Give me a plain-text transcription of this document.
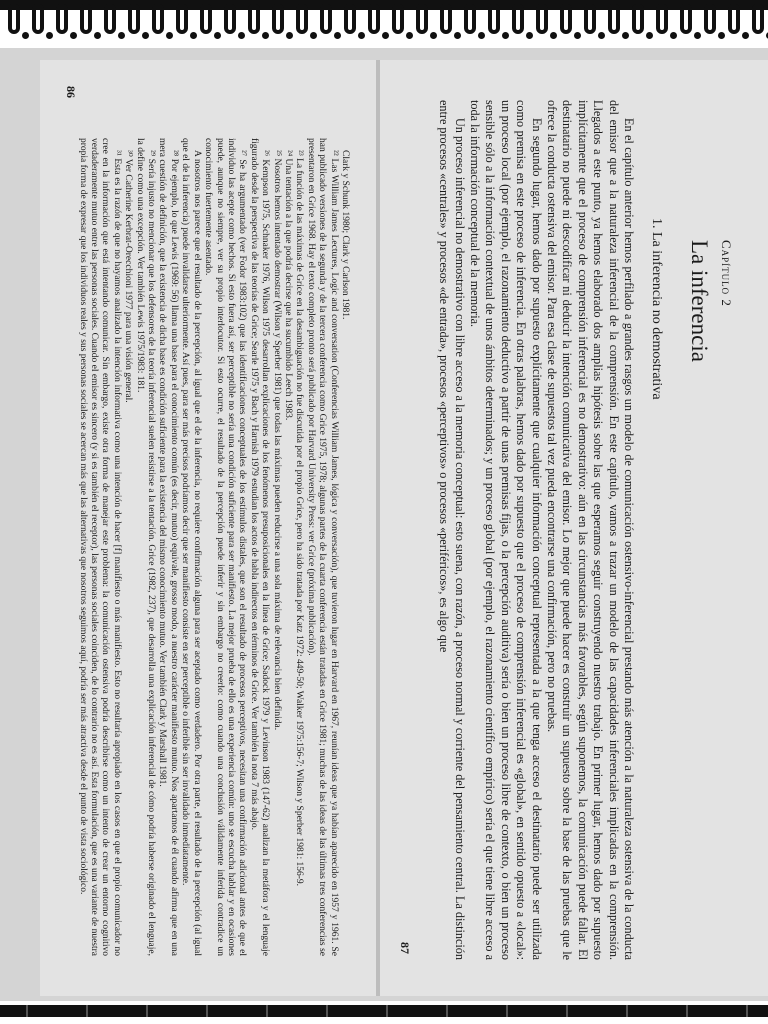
Clark y Schunk 1980; Clark y Carlson 1981.

²² Las William James Lectures, Logic and conversation (Conferencias William James, lógica y conversación), que tuvieron lugar en Harvard en 1967, reunían ideas que ya habían aparecido en 1957 y 1961. Se han publicado versiones de la segunda y de la tercera conferencia como Grice 1975, 1978; algunas partes de la cuarta conferencia están tratadas en Grice 1981; muchas de las ideas de las últimas tres conferencias se presentaron en Grice 1968. Hay el texto completo pronto será publicado por Harvard University Press: ver Grice (próxima publicación).

²³ La función de las máximas de Grice en la desambiguación no fue discutida por el propio Grice, pero ha sido tratada por Katz 1972: 449-50; Walker 1975:156-7; Wilson y Sperber 1981: 156-9.

²⁴ Una tentación a la que podría decirse que ha sucumbido Leech 1983.

²⁵ Nosotros hemos intentado demostrar (Wilson y Sperber 1981) que todas las máximas pueden reducirse a una sola máxima de relevancia bien definida.

²⁶ Kempson 1975, Schnaker 1976, Wilson 1975 desarrollan explicaciones de los fenómenos presuposicionales en la línea de Grice; Sadock 1979 y Levinson 1983 (147-62) analizan la metáfora y el lenguaje figurado desde la perspectiva de las teorías de Grice; Searle 1975 y Bach y Harnish 1979 estudian los actos de habla indirectos en términos de Grice. Ver también la nota 7 más abajo.

²⁷ Se ha argumentado (ver Fodor 1983:102) que las identificaciones conceptuales de los estímulos distales, que son el resultado de procesos perceptivos, necesitan una confirmación adicional antes de que el individuo las acepte como hechos. Si esto fuera así, ser perceptible no sería una condición suficiente para ser manifiesto. La mejor prueba de ello es una experiencia común: uno se escucha hablar y en ocasiones puede, aunque no siempre, ver su propio interlocutor. Si esto ocurre, el resultado de la percepción puede inferir y sin embargo no creerlo: como cuando una conclusión válidamente inferida contradice un conocimiento fuertemente asentado.

A nosotros nos parece que el resultado de la percepción, al igual que el de la inferencia, no requiere confirmación alguna para ser aceptado como verdadero. Por otra parte, el resultado de la percepción (al igual que el de la inferencia) puede invalidarse ulteriormente. Así pues, para ser más precisos podríamos decir que ser manifiesto consiste en ser perceptible o inferible sin ser invalidado inmediatamente.

²⁸ Por ejemplo, lo que Lewis (1969: 56) llama una base para el conocimiento común (es decir, mutuo) equivale, grosso modo, a nuestro carácter manifiesto mutuo. Nos apartamos de él cuando afirma que en una mera cuestión de definición, que la existencia de dicha base es condición suficiente para la existencia del mismo conocimiento mutuo. Ver también Clark y Marshall 1981.

²⁹ Sería injusto no mencionar que los defensores de la teoría inferencial suelen resistirse a la tentación. Grice (1982, 237), que desarrolla una explicación inferencial de cómo podría haberse originado el lenguaje, la define como una excepción. Ver también Lewis 1975/1983: 181.

³⁰ Ver Catherine Kerbrat-Orecchioni 1977 para una visión general.

³¹ Esta es la razón de que no hayamos analizado la intención informativa como una intención de hacer [f] manifiesto o más manifiesto. Esto no resultaría apropiado en los casos en que el propio comunicador no cree en la información que está intentando comunicar. Sin embargo, existe otra forma de manejar este problema: la comunicación ostensiva podría describirse como un intento de crear un entorno cognitivo verdaderamente mutuo entre las personas sociales. Cuando el emisor es sincero (y si es también el receptor), las personas sociales coinciden, de lo contrario no es así. Esta formulación, que es una variante de nuestra propia forma de expresar que los individuos reales y sus personas sociales se acercan más que las alternativas que nosotros seguimos aquí, podría ser más atractiva desde el punto de vista sociológico.

86
Capítulo 2
La inferencia
1. La inferencia no demostrativa

En el capítulo anterior hemos perfilado a grandes rasgos un modelo de comunicación ostensivo-inferencial prestando más atención a la naturaleza ostensiva de la conducta del emisor que a la naturaleza inferencial de la comprensión. En este capítulo, vamos a trazar un modelo de las capacidades inferenciales implicadas en la comprensión. Llegados a este punto, ya hemos elaborado dos amplias hipótesis sobre las que esperamos seguir construyendo nuestro trabajo. En primer lugar, hemos dado por supuesto implícitamente que el proceso de comprensión inferencial es no demostrativo: aún en las circunstancias más favorables, según suponemos, la comunicación puede fallar. El destinatario no puede ni descodificar ni deducir la intención comunicativa del emisor. Lo mejor que puede hacer es construir un supuesto sobre la base de las pruebas que le ofrece la conducta ostensiva del emisor. Para esa clase de supuestos tal vez pueda encontrarse una confirmación, pero no pruebas.

En segundo lugar, hemos dado por supuesto explícitamente que cualquier información conceptual representada a la que tenga acceso el destinatario puede ser utilizada como premisa en este proceso de inferencia. En otras palabras, hemos dado por supuesto que el proceso de comprensión inferencial es «global», en sentido opuesto a «local»: un proceso local (por ejemplo, el razonamiento deductivo a partir de unas premisas fijas, o la percepción auditiva) sería o bien un proceso libre de contexto, o bien un proceso sensible sólo a la información contextual de unos ámbitos determinados; y un proceso global (por ejemplo, el razonamiento científico empírico) sería el que tiene libre acceso a toda la información conceptual de la memoria.

Un proceso inferencial no demostrativo con libre acceso a la memoria conceptual: esto suena, con razón, a proceso normal y corriente del pensamiento central. La distinción entre procesos «centrales» y procesos «de entrada», procesos «perceptivos» o procesos «periféricos», es algo que

87
